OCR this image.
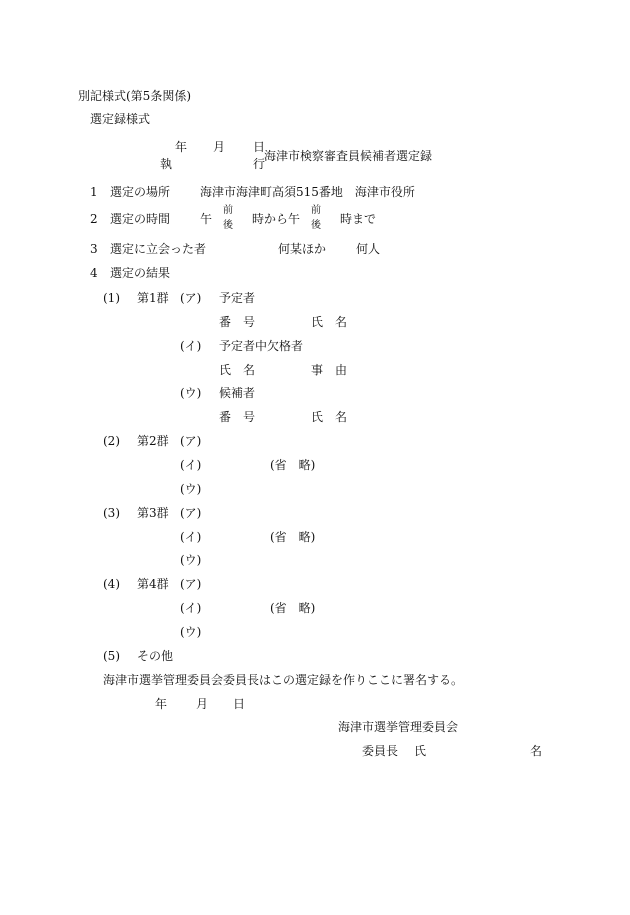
別記様式(第5条関係)
選定録様式
年 月 日
執	行
海津市検察審査員候補者選定録
1 選定の場所 海津市海津町高須515番地　海津市役所
2 選定の時間 午
前
後 時から午
前
後 時まで
3 選定に立会った者	何某ほか 何人
4 選定の結果
(1) 第1群 (ア) 予定者
番　号	氏　名
(イ) 予定者中欠格者
氏　名	事　由
(ウ) 候補者
番　号	氏　名
(2) 第2群 (ア)
(イ)	(省　略)
(ウ)
(3) 第3群 (ア)
(イ)	(省　略)
(ウ)
(4) 第4群 (ア)
(イ)	(省　略)
(ウ)
(5) その他
海津市選挙管理委員会委員長はこの選定録を作りここに署名する。
年 月 日
海津市選挙管理委員会
委員長 氏	名
